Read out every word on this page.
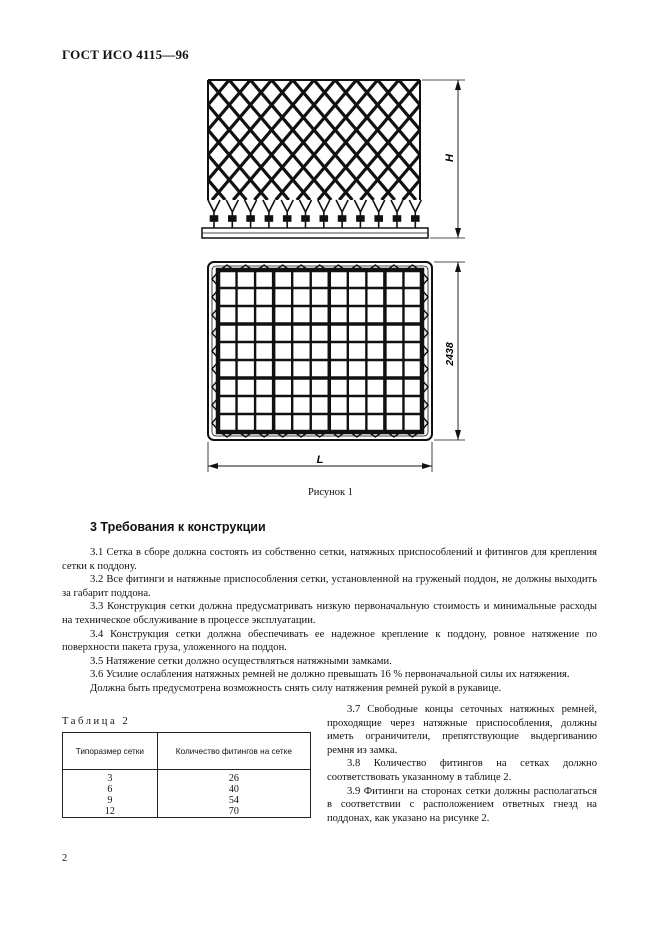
ГОСТ ИСО 4115—96
H
2438
L
Рисунок 1
3 Требования к конструкции

3.1 Сетка в сборе должна состоять из собственно сетки, натяжных приспособлений и фитингов для крепления сетки к поддону.

3.2 Все фитинги и натяжные приспособления сетки, установленной на груженый поддон, не должны выходить за габарит поддона.

3.3 Конструкция сетки должна предусматривать низкую первоначальную стоимость и минимальные расходы на техническое обслуживание в процессе эксплуатации.

3.4 Конструкция сетки должна обеспечивать ее надежное крепление к поддону, ровное натяжение по поверхности пакета груза, уложенного на поддон.

3.5 Натяжение сетки должно осуществляться натяжными замками.

3.6 Усилие ослабления натяжных ремней не должно превышать 16 % первоначальной силы их натяжения.

Должна быть предусмотрена возможность снять силу натяжения ремней рукой в рукавице.

Таблица 2
Типоразмер сетки	Количество фитингов на сетке
3	26
6	40
9	54
12	70

3.7 Свободные концы сеточных натяжных ремней, проходящие через натяжные приспособления, должны иметь ограничители, препятствующие выдергиванию ремня из замка.

3.8 Количество фитингов на сетках должно соответствовать указанному в таблице 2.

3.9 Фитинги на сторонах сетки должны располагаться в соответствии с расположением ответных гнезд на поддонах, как указано на рисунке 2.

2
